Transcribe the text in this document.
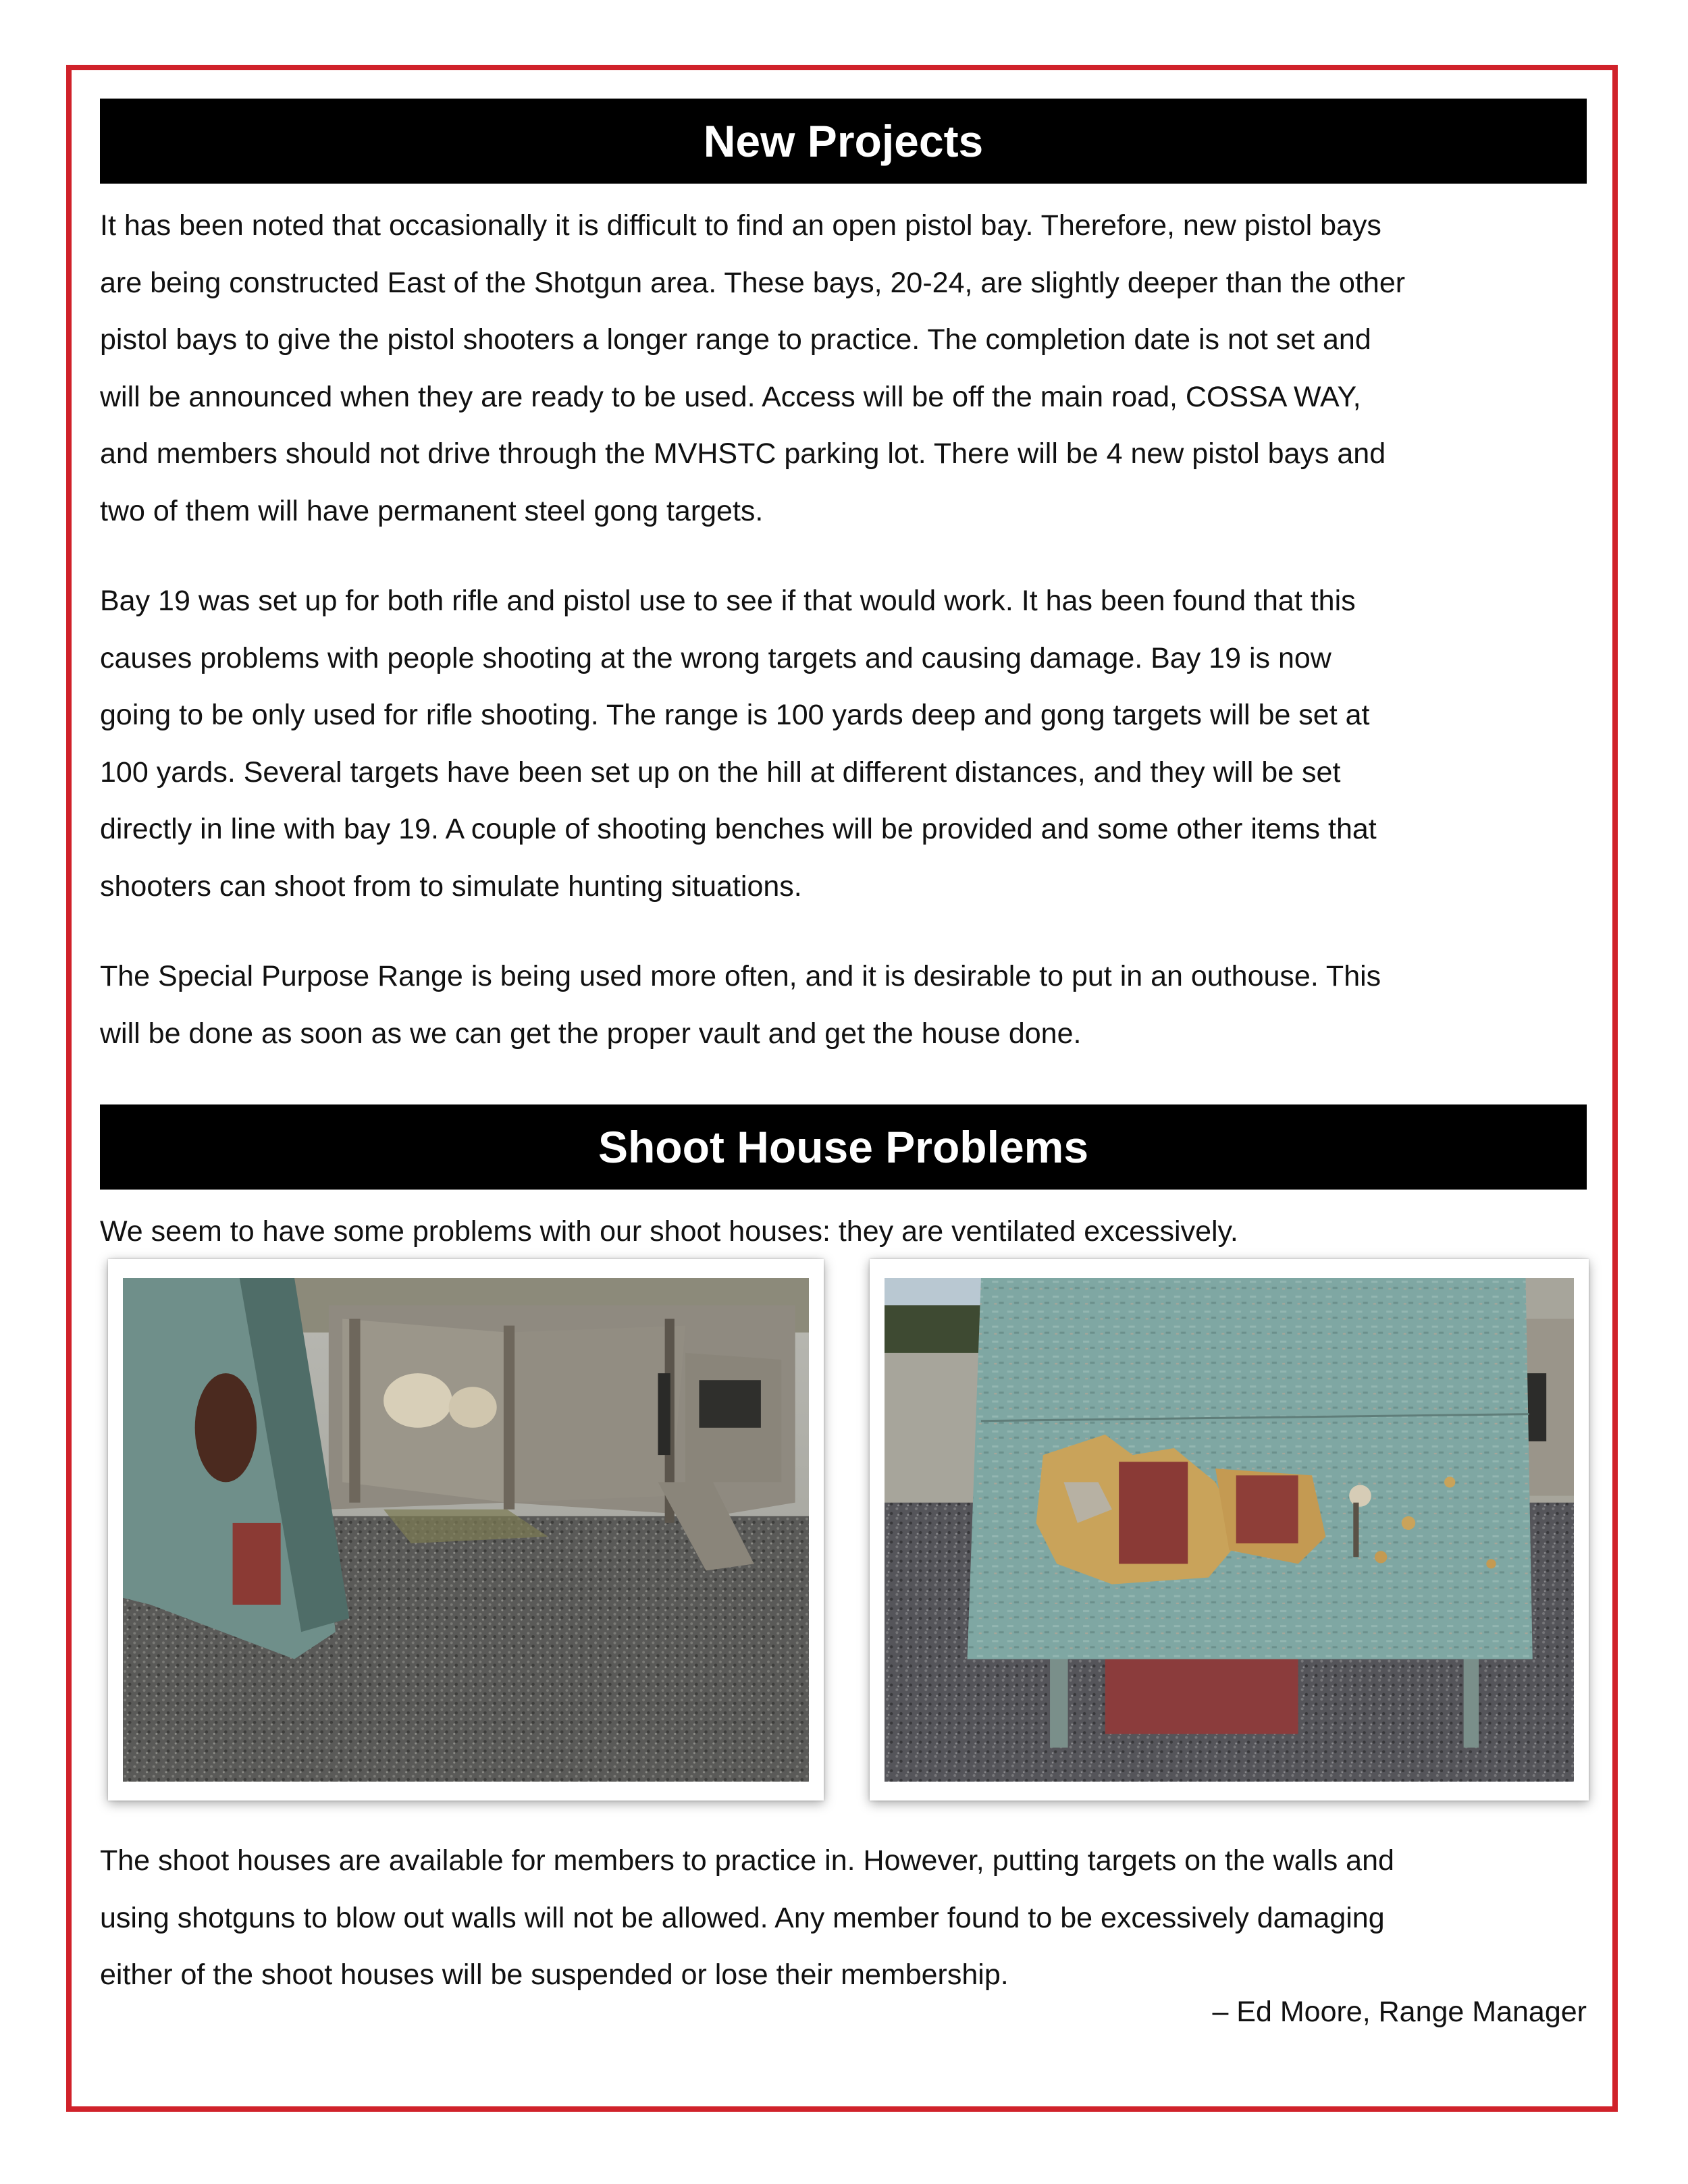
New Projects

It has been noted that occasionally it is difficult to find an open pistol bay. Therefore, new pistol bays
are being constructed East of the Shotgun area. These bays, 20-24, are slightly deeper than the other
pistol bays to give the pistol shooters a longer range to practice. The completion date is not set and
will be announced when they are ready to be used. Access will be off the main road, COSSA WAY,
and members should not drive through the MVHSTC parking lot. There will be 4 new pistol bays and
two of them will have permanent steel gong targets.

Bay 19 was set up for both rifle and pistol use to see if that would work. It has been found that this
causes problems with people shooting at the wrong targets and causing damage. Bay 19 is now
going to be only used for rifle shooting. The range is 100 yards deep and gong targets will be set at
100 yards. Several targets have been set up on the hill at different distances, and they will be set
directly in line with bay 19. A couple of shooting benches will be provided and some other items that
shooters can shoot from to simulate hunting situations.

The Special Purpose Range is being used more often, and it is desirable to put in an outhouse. This
will be done as soon as we can get the proper vault and get the house done.

Shoot House Problems

We seem to have some problems with our shoot houses: they are ventilated excessively.

The shoot houses are available for members to practice in. However, putting targets on the walls and
using shotguns to blow out walls will not be allowed. Any member found to be excessively damaging
either of the shoot houses will be suspended or lose their membership.

– Ed Moore, Range Manager
